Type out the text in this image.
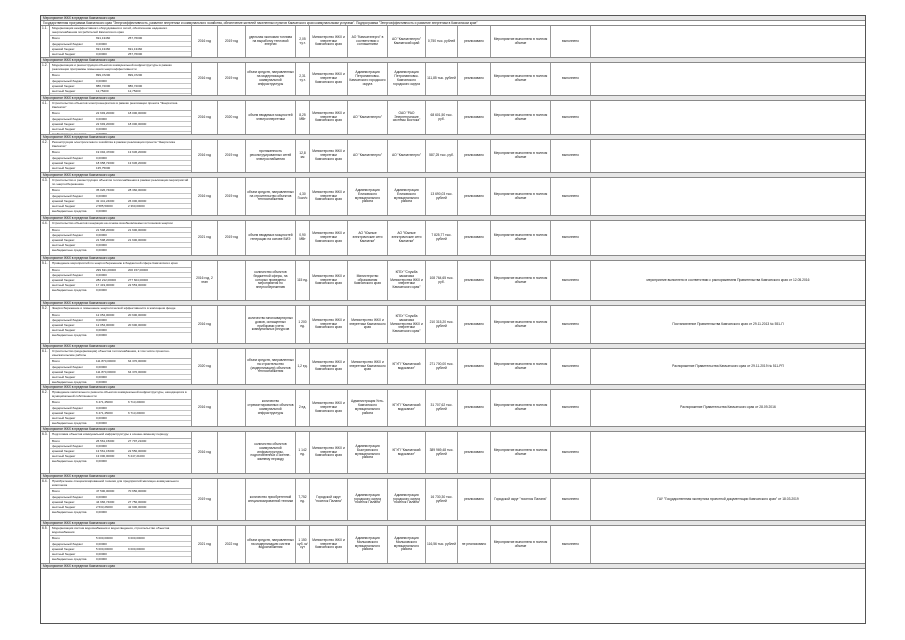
Мероприятие ЖКХ в пределах Камчатского края
Государственная программа Камчатского края "Энергоэффективность, развитие энергетики и коммунального хозяйства, обеспечение жителей населенных пунктов Камчатского края коммунальными услугами". Подпрограмма "Энергоэффективность и развитие энергетики в Камчатском крае"
1.1.	Модернизация неэффективного оборудования и сетей, обеспечение надежного энергоснабжения потребителей Камчатского края
Всего	691,13460	257,76000
федеральный бюджет	0,00000
краевой бюджет	691,13460	691,13460
местный бюджет	0,00000	257,76000
2016 год	2019 год
удельная экономия топлива на выработку тепловой энергии
2,05 т.у.т.
Министерство ЖКХ и энергетики Камчатского края
АО "Камчатэнерго" в соответствии с соглашением
АО "Камчатэнерго" Камчатский край	0,750 тыс. рублей	реализовано	Мероприятие выполнено в полном объеме	выполнено
Мероприятие ЖКХ в пределах Камчатского края
1.2.	Модернизация и реконструкция объектов коммунальной инфраструктуры в рамках реализации программы повышения энергоэффективности
Всего	899,47200	899,47200
федеральный бюджет	0,00000
краевой бюджет	886,72000	886,72000
местный бюджет	12,75200	12,75200
2016 год	2019 год
объем средств, направленных на модернизацию коммунальной инфраструктуры
2,31 т.у.т.
Министерство ЖКХ и энергетики Камчатского края
Администрация Петропавловск-Камчатского городского округа
Администрация Петропавловск-Камчатского городского округа
111,85 тыс. рублей	реализовано	Мероприятие выполнено в полном объеме	выполнено
Мероприятие ЖКХ в пределах Камчатского края
4.1.	Строительство объектов электроэнергетики в рамках реализации проекта "Энергетика Камчатки"
Всего	22 693,20000	18 000,00000
федеральный бюджет	0,00000
краевой бюджет	22 693,20000	18 000,00000
местный бюджет	0,00000
2016 год	2020 год	объем вводимых мощностей электроэнергетики
8,25 МВт
Министерство ЖКХ и энергетики Камчатского края
АО "Камчатэнерго"
ОАО "РАО Энергетические системы Востока"
68 601,50 тыс. руб.	реализовано	Мероприятие выполнено в полном объеме	выполнено
Мероприятие ЖКХ в пределах Камчатского края
4.2.	Реконструкция электросетевого хозяйства в рамках реализации проекта "Энергетика Камчатки"
Всего	19 094,47000	13 636,20000
федеральный бюджет	0,00000
краевой бюджет	18 958,72000	13 636,20000
местный бюджет	135,75000
2016 год	2019 год
протяженность реконструированных сетей электроснабжения
12,8 км
Министерство ЖКХ и энергетики Камчатского края
АО "Камчатэнерго"	АО "Камчатэнерго" 587,25 тыс. руб.	реализовано	Мероприятие выполнено в полном объеме	выполнено
Мероприятие ЖКХ в пределах Камчатского края
4.3.	Строительство и реконструкция объектов теплоснабжения в рамках реализации мероприятий по энергосбережению
Всего	35 026,74000	28 360,00000
федеральный бюджет	0,00000
краевой бюджет	32 441,24000	26 000,00000
местный бюджет	2 585,50000	2 360,00000
внебюджетные средства	0,00000
2016 год	2019 год
объем средств, направленных на строительство объектов теплоснабжения
4,30 Гкал/ч
Министерство ЖКХ и энергетики Камчатского края
Администрация Елизовского муниципального района
Администрация Елизовского муниципального района
13 690,03 тыс. рублей	реализовано	Мероприятие выполнено в полном объеме	выполнено
Мероприятие ЖКХ в пределах Камчатского края
4.4.	Строительство объектов генерации на основе возобновляемых источников энергии
Всего	21 598,20000	21 600,00000
федеральный бюджет	0,00000
краевой бюджет	21 598,20000	21 600,00000
местный бюджет	0,00000
внебюджетные средства	0,00000
2021 год	2019 год	объем вводимых мощностей генерации на основе ВИЭ
0,90 МВт
Министерство ЖКХ и энергетики Камчатского края
АО "Южные электрические сети Камчатки"
АО "Южные электрические сети Камчатки"
7 825,77 тыс. рублей	реализовано	Мероприятие выполнено в полном объеме	выполнено
Мероприятие ЖКХ в пределах Камчатского края
5.1.	Проведение мероприятий по энергосбережению в бюджетной сфере Камчатского края
Всего	299 631,00000	200 157,00000
федеральный бюджет	0,00000
краевой бюджет	282 212,00000	277 604,00000
местный бюджет	17 419,00000	22 553,00000
внебюджетные средства	0,00000
2016 год, 2 этап
количество объектов бюджетной сферы, на которых проведены мероприятия по энергосбережению
115 ед.
Министерство ЖКХ и энергетики Камчатского края
Министерство образования Камчатского края
КГБУ "Служба заказчика Министерства ЖКХ и энергетики Камчатского края"
108 764,65 тыс. руб.	реализовано	Мероприятие выполнено в полном объеме	выполнено	мероприятие выполнено в соответствии с распоряжением Правительства Камчатского края от 12.05.2016
Мероприятие ЖКХ в пределах Камчатского края
5.2.	Энергосбережение и повышение энергетической эффективности в жилищном фонде
Всего	12 054,00000	20 600,00000
федеральный бюджет	0,00000
краевой бюджет	12 054,00000	20 600,00000
местный бюджет	0,00000
внебюджетные средства	0,00000
2016 год
количество многоквартирных домов, оснащенных приборами учета коммунальных ресурсов
1 200 ед.
Министерство ЖКХ и энергетики Камчатского края
Министерство ЖКХ и энергетики Камчатского края
КГБУ "Служба заказчика Министерства ЖКХ и энергетики Камчатского края"
210 315,20 тыс. рублей	реализовано	Мероприятие выполнено в полном объеме	выполнено	Постановление Правительства Камчатского края от 29.11.2013 № 551-П
Мероприятие ЖКХ в пределах Камчатского края
6.1.	Строительство (модернизация) объектов теплоснабжения, в том числе проектно-изыскательские работы
Всего	111 870,00000	64 370,00000
федеральный бюджет	0,00000
краевой бюджет	111 870,00000	64 370,00000
местный бюджет	0,00000
внебюджетные средства	0,00000
2020 год
объем средств, направленных на строительство (модернизацию) объектов теплоснабжения
1,2 ед.
Министерство ЖКХ и энергетики Камчатского края
Министерство ЖКХ и энергетики Камчатского края
КГУП "Камчатский водоканал"
271 700,00 тыс. рублей	реализовано	Мероприятие выполнено в полном объеме	выполнено	Распоряжение Правительства Камчатского края от 29.11.2019 № 511-РП
Мероприятие ЖКХ в пределах Камчатского края
6.2.	Проведение капитального ремонта объектов коммунальной инфраструктуры, находящихся в муниципальной собственности
Всего	6 471,45000	6 713,20000
федеральный бюджет	0,00000
краевой бюджет	6 471,45000	6 713,20000
местный бюджет	0,00000
внебюджетные средства	0,00000
2016 год
количество отремонтированных объектов коммунальной инфраструктуры
2 ед.
Министерство ЖКХ и энергетики Камчатского края
Администрация Усть-Камчатского муниципального района
КГУП "Камчатский водоканал"
31 707,62 тыс. рублей	реализовано	Мероприятие выполнено в полном объеме	выполнено	Распоряжение Правительства Камчатского края от 28.09.2016
Мероприятие ЖКХ в пределах Камчатского края
6.3.	Подготовка объектов коммунальной инфраструктуры к осенне-зимнему периоду
Всего	26 561,15000	27 797,21000
федеральный бюджет	0,00000
краевой бюджет	13 561,15000	22 550,00000
местный бюджет	13 000,00000	5 247,21000
внебюджетные средства	0,00000
2016 год
количество объектов коммунальной инфраструктуры, подготовленных к осенне-зимнему периоду
1 142 ед.
Министерство ЖКХ и энергетики Камчатского края
Администрация Быстринского муниципального района
КГУП "Камчатский водоканал"
389 969,48 тыс. рублей	реализовано	Мероприятие выполнено в полном объеме	выполнено
Мероприятие ЖКХ в пределах Камчатского края
6.4.	Приобретение специализированной техники для предприятий жилищно-коммунального комплекса
Всего	47 500,00000	70 650,00000
федеральный бюджет	0,00000
краевой бюджет	44 966,74000	27 750,00000
местный бюджет	2 533,26000	42 900,00000
внебюджетные средства	0,00000
2019 год	количество приобретенной специализированной техники
7,752 ед.
Городской округ "поселок Палана"
Администрация городского округа "поселок Палана"
Администрация городского округа "поселок Палана"
16 730,30 тыс. рублей	реализовано	Городской округ "поселок Палана"	выполнено	ГАУ "Государственная экспертиза проектной документации Камчатского края" от 18.03.2019
Мероприятие ЖКХ в пределах Камчатского края
6.5.	Модернизация систем водоснабжения и водоотведения, строительство объектов водоснабжения
Всего	5 000,00000	9 000,00000
федеральный бюджет	0,00000
краевой бюджет	5 000,00000	9 000,00000
местный бюджет	0,00000
внебюджетные средства	0,00000
2021 год	2022 год
объем средств, направленных на модернизацию систем водоснабжения
1 150 куб. м/сут
Министерство ЖКХ и энергетики Камчатского края
Администрация Мильковского муниципального района
Администрация Мильковского муниципального района
116,56 тыс. рублей не реализовано	Мероприятие выполнено в полном объеме	выполнено
Мероприятие ЖКХ в пределах Камчатского края
